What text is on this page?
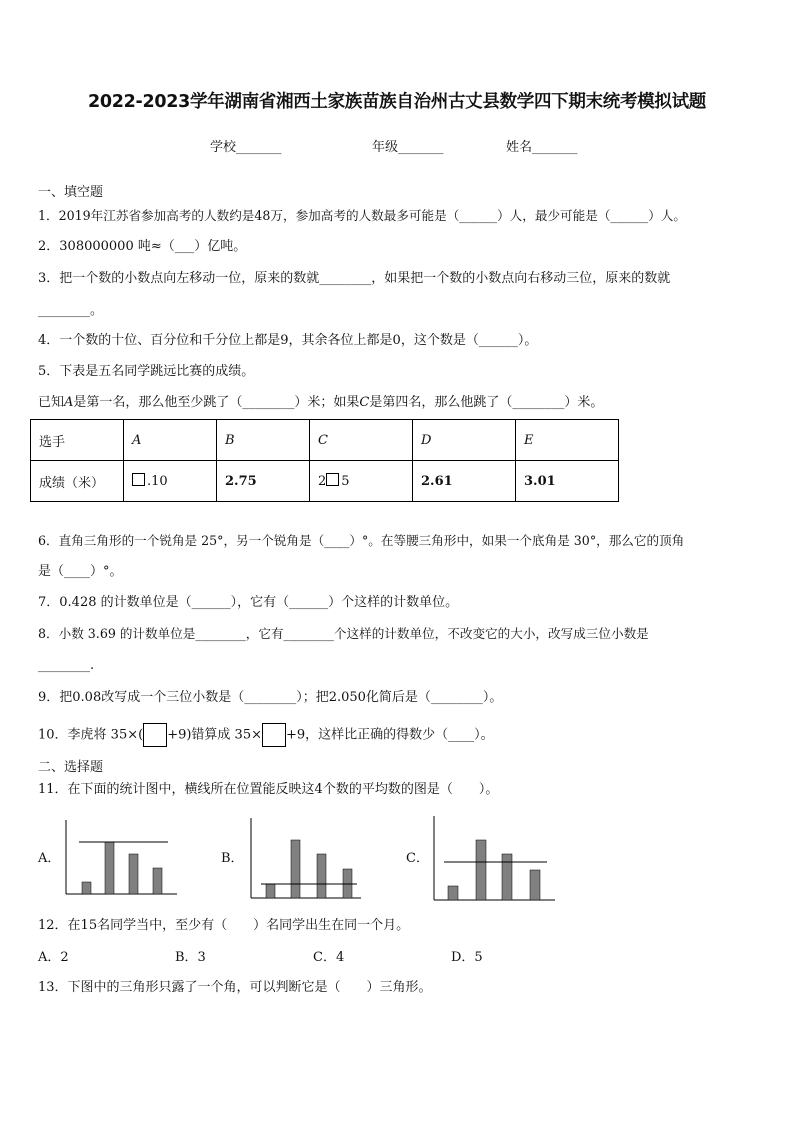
2022-2023学年湖南省湘西土家族苗族自治州古丈县数学四下期末统考模拟试题
学校_______	年级_______	姓名_______
一、填空题
1．2019年江苏省参加高考的人数约是48万，参加高考的人数最多可能是（______）人，最少可能是（______）人。
2．308000000 吨≈（___）亿吨。
3．把一个数的小数点向左移动一位，原来的数就________，如果把一个数的小数点向右移动三位，原来的数就
________。
4．一个数的十位、百分位和千分位上都是9，其余各位上都是0，这个数是（______）。
5．下表是五名同学跳远比赛的成绩。
已知A是第一名，那么他至少跳了（________）米；如果C是第四名，那么他跳了（________）米。
选手	A	B	C	D	E
成绩（米）	.10	2.75	2 5	2.61	3.01
6．直角三角形的一个锐角是 25°，另一个锐角是（____）°。在等腰三角形中，如果一个底角是 30°，那么它的顶角
是（____）°。
7．0.428 的计数单位是（______），它有（______）个这样的计数单位。
8．小数 3.69 的计数单位是________，它有________个这样的计数单位，不改变它的大小，改写成三位小数是
________.
9．把0.08改写成一个三位小数是（________）；把2.050化简后是（________）。
10．李虎将 35×( +9)错算成 35× +9，这样比正确的得数少（____）。
二、选择题
11．在下面的统计图中，横线所在位置能反映这4个数的平均数的图是（　　）。
A．	B．	C．
12．在15名同学当中，至少有（　　）名同学出生在同一个月。
A．2	B．3	C．4	D．5
13．下图中的三角形只露了一个角，可以判断它是（　　）三角形。
